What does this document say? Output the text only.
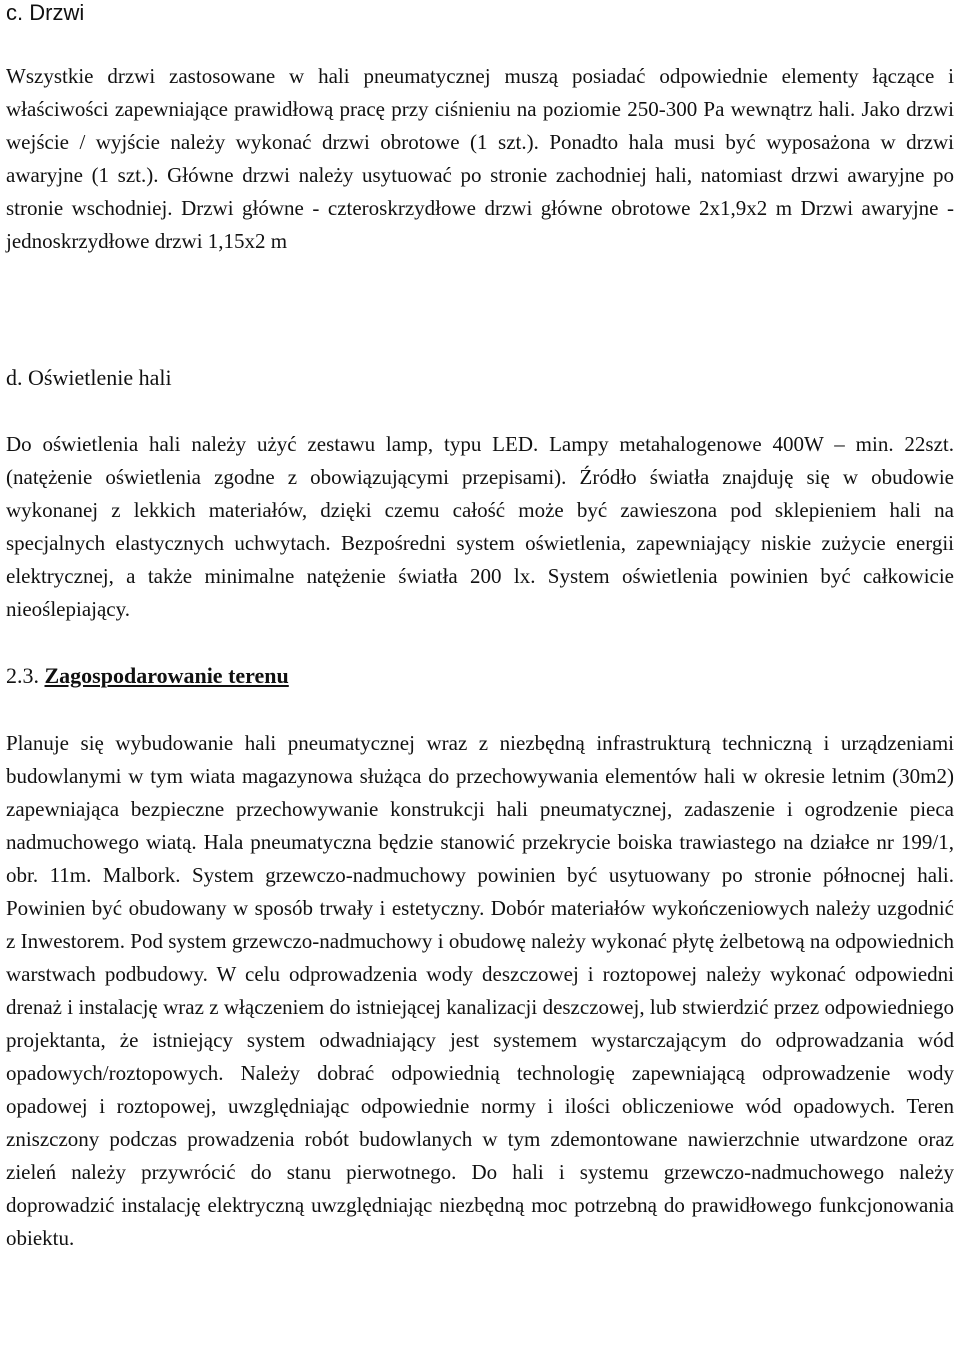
c. Drzwi

Wszystkie drzwi zastosowane w hali pneumatycznej muszą posiadać odpowiednie elementy łączące i właściwości zapewniające prawidłową pracę przy ciśnieniu na poziomie 250-300 Pa wewnątrz hali. Jako drzwi wejście / wyjście należy wykonać drzwi obrotowe (1 szt.). Ponadto hala musi być wyposażona w drzwi awaryjne (1 szt.). Główne drzwi należy usytuować po stronie zachodniej hali, natomiast drzwi awaryjne po stronie wschodniej. Drzwi główne - czteroskrzydłowe drzwi główne obrotowe 2x1,9x2 m Drzwi awaryjne - jednoskrzydłowe drzwi 1,15x2 m

d. Oświetlenie hali

Do oświetlenia hali należy użyć zestawu lamp, typu LED. Lampy metahalogenowe 400W – min. 22szt. (natężenie oświetlenia zgodne z obowiązującymi przepisami). Źródło światła znajduję się w obudowie wykonanej z lekkich materiałów, dzięki czemu całość może być zawieszona pod sklepieniem hali na specjalnych elastycznych uchwytach. Bezpośredni system oświetlenia, zapewniający niskie zużycie energii elektrycznej, a także minimalne natężenie światła 200 lx. System oświetlenia powinien być całkowicie nieoślepiający.

2.3. Zagospodarowanie terenu

Planuje się wybudowanie hali pneumatycznej wraz z niezbędną infrastrukturą techniczną i urządzeniami budowlanymi w tym wiata magazynowa służąca do przechowywania elementów hali w okresie letnim (30m2) zapewniająca bezpieczne przechowywanie konstrukcji hali pneumatycznej, zadaszenie i ogrodzenie pieca nadmuchowego wiatą. Hala pneumatyczna będzie stanowić przekrycie boiska trawiastego na działce nr 199/1, obr. 11m. Malbork. System grzewczo-nadmuchowy powinien być usytuowany po stronie północnej hali. Powinien być obudowany w sposób trwały i estetyczny. Dobór materiałów wykończeniowych należy uzgodnić z Inwestorem. Pod system grzewczo-nadmuchowy i obudowę należy wykonać płytę żelbetową na odpowiednich warstwach podbudowy. W celu odprowadzenia wody deszczowej i roztopowej należy wykonać odpowiedni drenaż i instalację wraz z włączeniem do istniejącej kanalizacji deszczowej, lub stwierdzić przez odpowiedniego projektanta, że istniejący system odwadniający jest systemem wystarczającym do odprowadzania wód opadowych/roztopowych. Należy dobrać odpowiednią technologię zapewniającą odprowadzenie wody opadowej i roztopowej, uwzględniając odpowiednie normy i ilości obliczeniowe wód opadowych. Teren zniszczony podczas prowadzenia robót budowlanych w tym zdemontowane nawierzchnie utwardzone oraz zieleń należy przywrócić do stanu pierwotnego. Do hali i systemu grzewczo-nadmuchowego należy doprowadzić instalację elektryczną uwzględniając niezbędną moc potrzebną do prawidłowego funkcjonowania obiektu.
